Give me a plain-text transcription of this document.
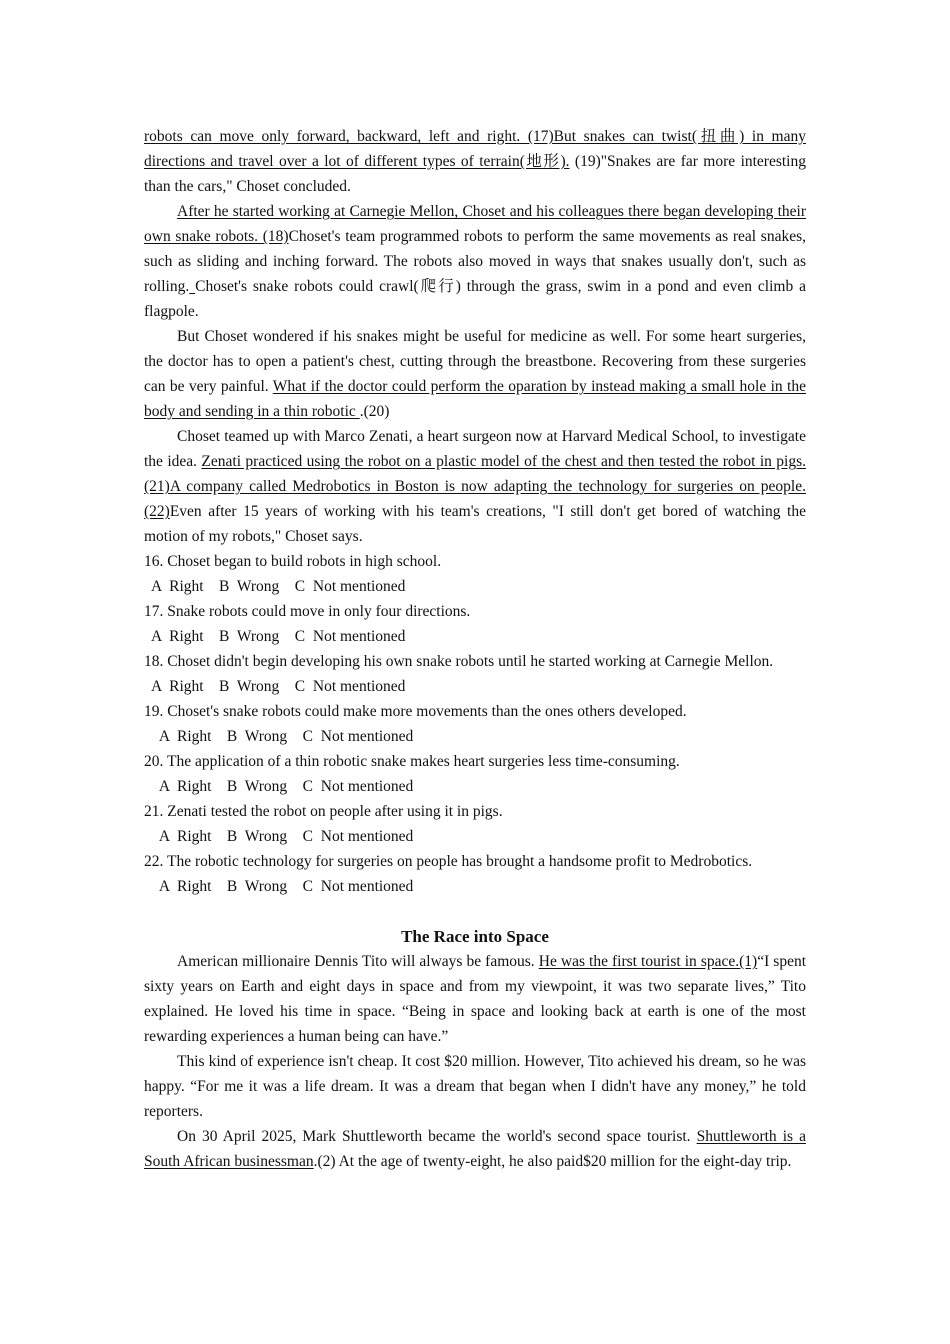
robots can move only forward, backward, left and right. (17)But snakes can twist(扭曲) in many directions and travel over a lot of different types of terrain(地形). (19)"Snakes are far more interesting than the cars," Choset concluded.

After he started working at Carnegie Mellon, Choset and his colleagues there began developing their own snake robots. (18)Choset's team programmed robots to perform the same movements as real snakes, such as sliding and inching forward. The robots also moved in ways that snakes usually don't, such as rolling. Choset's snake robots could crawl(爬行) through the grass, swim in a pond and even climb a flagpole.

But Choset wondered if his snakes might be useful for medicine as well. For some heart surgeries, the doctor has to open a patient's chest, cutting through the breastbone. Recovering from these surgeries can be very painful. What if the doctor could perform the oparation by instead making a small hole in the body and sending in a thin robotic .(20)

Choset teamed up with Marco Zenati, a heart surgeon now at Harvard Medical School, to investigate the idea. Zenati practiced using the robot on a plastic model of the chest and then tested the robot in pigs.(21)A company called Medrobotics in Boston is now adapting the technology for surgeries on people.(22)Even after 15 years of working with his team's creations, "I still don't get bored of watching the motion of my robots," Choset says.

16. Choset began to build robots in high school.

A  Right    B  Wrong    C  Not mentioned

17. Snake robots could move in only four directions.

A  Right    B  Wrong    C  Not mentioned

18. Choset didn't begin developing his own snake robots until he started working at Carnegie Mellon.

A  Right    B  Wrong    C  Not mentioned

19. Choset's snake robots could make more movements than the ones others developed.

A  Right    B  Wrong    C  Not mentioned

20. The application of a thin robotic snake makes heart surgeries less time-consuming.

A  Right    B  Wrong    C  Not mentioned

21. Zenati tested the robot on people after using it in pigs.

A  Right    B  Wrong    C  Not mentioned

22. The robotic technology for surgeries on people has brought a handsome profit to Medrobotics.

A  Right    B  Wrong    C  Not mentioned

The Race into Space

American millionaire Dennis Tito will always be famous. He was the first tourist in space.(1)“I spent sixty years on Earth and eight days in space and from my viewpoint, it was two separate lives,” Tito explained. He loved his time in space. “Being in space and looking back at earth is one of the most rewarding experiences a human being can have.”

This kind of experience isn't cheap. It cost $20 million. However, Tito achieved his dream, so he was happy. “For me it was a life dream. It was a dream that began when I didn't have any money,” he told reporters.

On 30 April 2025, Mark Shuttleworth became the world's second space tourist. Shuttleworth is a South African businessman.(2) At the age of twenty-eight, he also paid$20 million for the eight-day trip.
